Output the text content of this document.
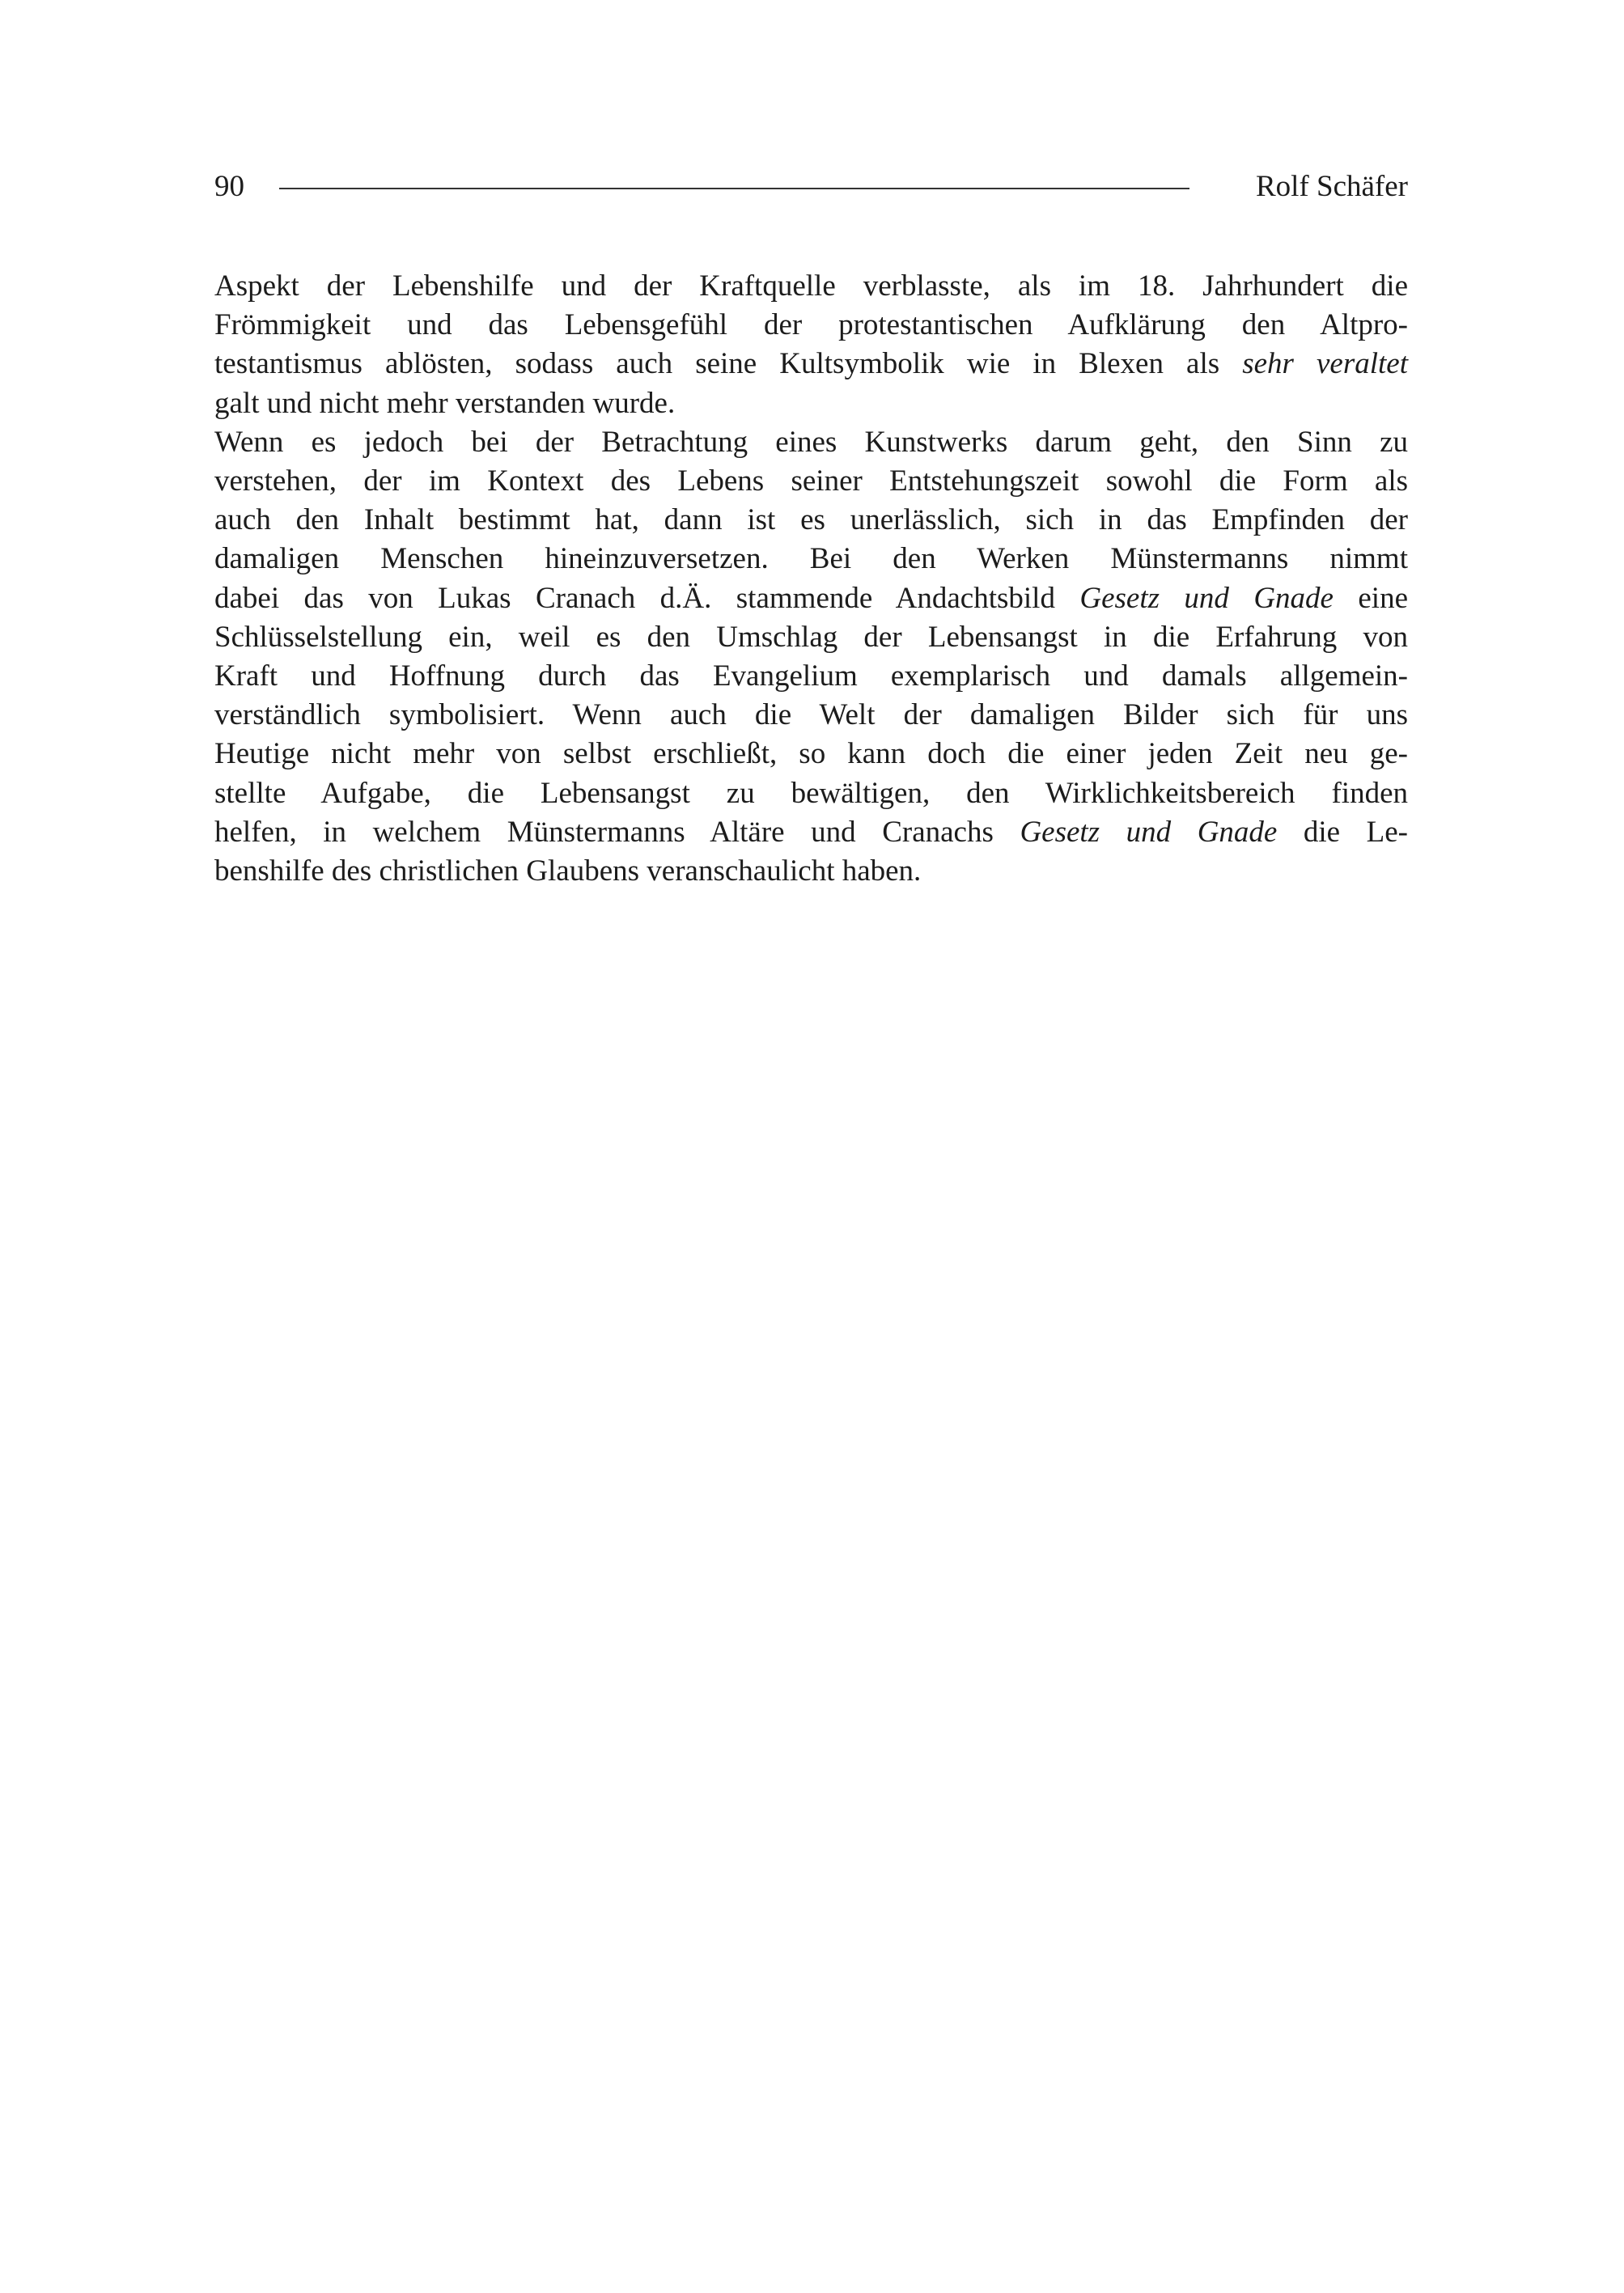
90	Rolf Schäfer
Aspekt der Lebenshilfe und der Kraftquelle verblasste, als im 18. Jahrhundert die
Frömmigkeit und das Lebensgefühl der protestantischen Aufklärung den Altpro-
testantismus ablösten, sodass auch seine Kultsymbolik wie in Blexen als sehr veraltet
galt und nicht mehr verstanden wurde.
Wenn es jedoch bei der Betrachtung eines Kunstwerks darum geht, den Sinn zu
verstehen, der im Kontext des Lebens seiner Entstehungszeit sowohl die Form als
auch den Inhalt bestimmt hat, dann ist es unerlässlich, sich in das Empfinden der
damaligen Menschen hineinzuversetzen. Bei den Werken Münstermanns nimmt
dabei das von Lukas Cranach d.Ä. stammende Andachtsbild Gesetz und Gnade eine
Schlüsselstellung ein, weil es den Umschlag der Lebensangst in die Erfahrung von
Kraft und Hoffnung durch das Evangelium exemplarisch und damals allgemein-
verständlich symbolisiert. Wenn auch die Welt der damaligen Bilder sich für uns
Heutige nicht mehr von selbst erschließt, so kann doch die einer jeden Zeit neu ge-
stellte Aufgabe, die Lebensangst zu bewältigen, den Wirklichkeitsbereich finden
helfen, in welchem Münstermanns Altäre und Cranachs Gesetz und Gnade die Le-
benshilfe des christlichen Glaubens veranschaulicht haben.
